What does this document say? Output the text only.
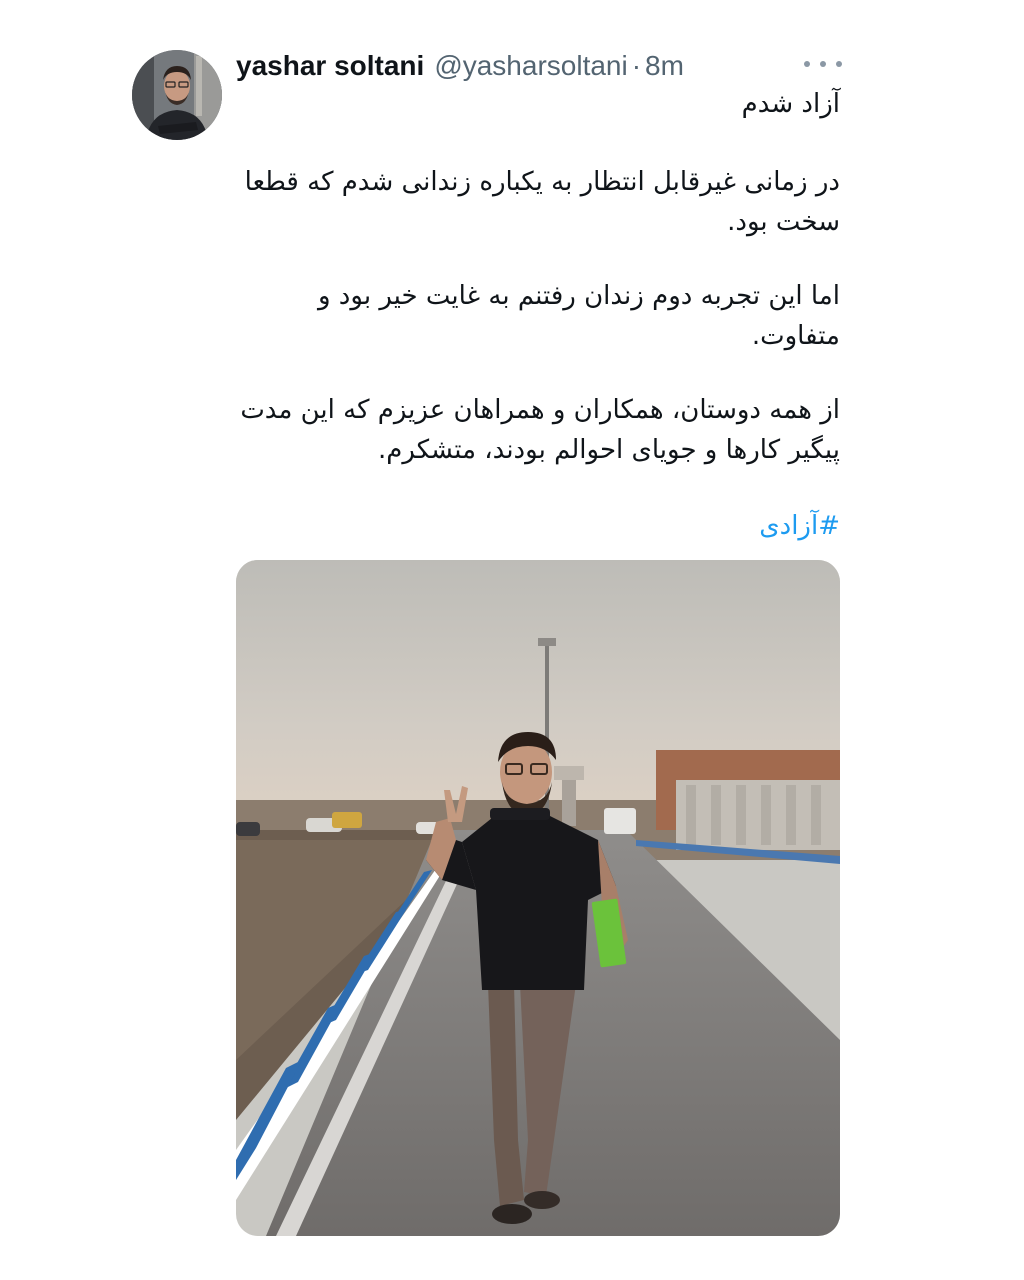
yashar soltani @yasharsoltani · 8m
آزاد شدم
در زمانی غیرقابل انتظار به یکباره زندانی شدم که قطعا سخت بود.
اما این تجربه دوم زندان رفتنم به غایت خیر بود و متفاوت.
از همه دوستان، همکاران و همراهان عزیزم که این مدت پیگیر کارها و جویای احوالم بودند، متشکرم.
#آزادی
